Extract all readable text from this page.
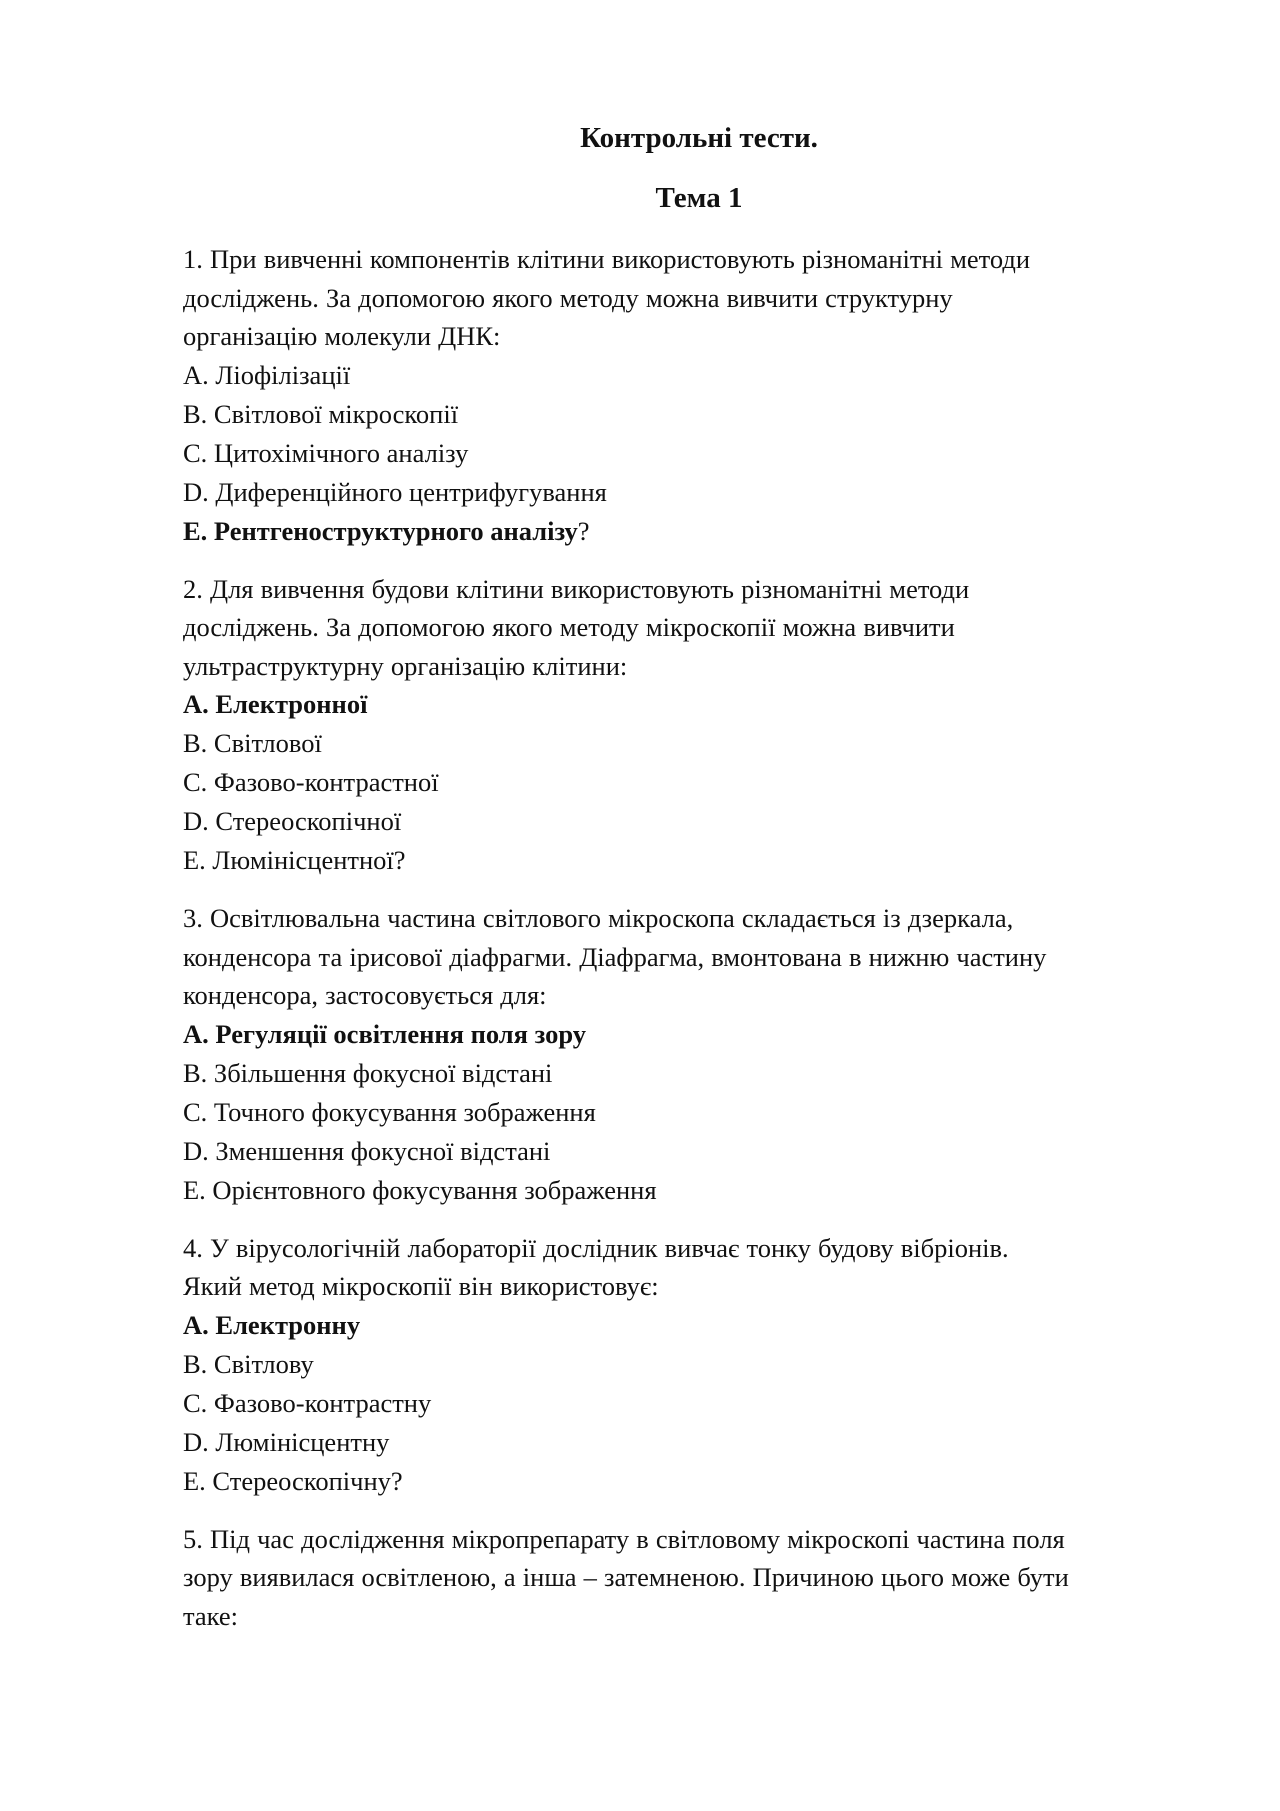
Контрольні тести.
Тема 1
1. При вивченні компонентів клітини використовують різноманітні методи
досліджень. За допомогою якого методу можна вивчити структурну
організацію молекули ДНК:
A. Ліофілізації
B. Світлової мікроскопії
C. Цитохімічного аналізу
D. Диференційного центрифугування
E. Рентгеноструктурного аналізу?
2. Для вивчення будови клітини використовують різноманітні методи
досліджень. За допомогою якого методу мікроскопії можна вивчити
ультраструктурну організацію клітини:
A. Електронної
B. Світлової
C. Фазово-контрастної
D. Стереоскопічної
E. Люмінісцентної?
3. Освітлювальна частина світлового мікроскопа складається із дзеркала,
конденсора та ірисової діафрагми. Діафрагма, вмонтована в нижню частину
конденсора, застосовується для:
A. Регуляції освітлення поля зору
B. Збільшення фокусної відстані
C. Точного фокусування зображення
D. Зменшення фокусної відстані
E. Орієнтовного фокусування зображення
4. У вірусологічній лабораторії дослідник вивчає тонку будову вібріонів.
Який метод мікроскопії він використовує:
A. Електронну
B. Світлову
C. Фазово-контрастну
D. Люмінісцентну
E. Стереоскопічну?
5. Під час дослідження мікропрепарату в світловому мікроскопі частина поля
зору виявилася освітленою, а інша – затемненою. Причиною цього може бути
таке:
